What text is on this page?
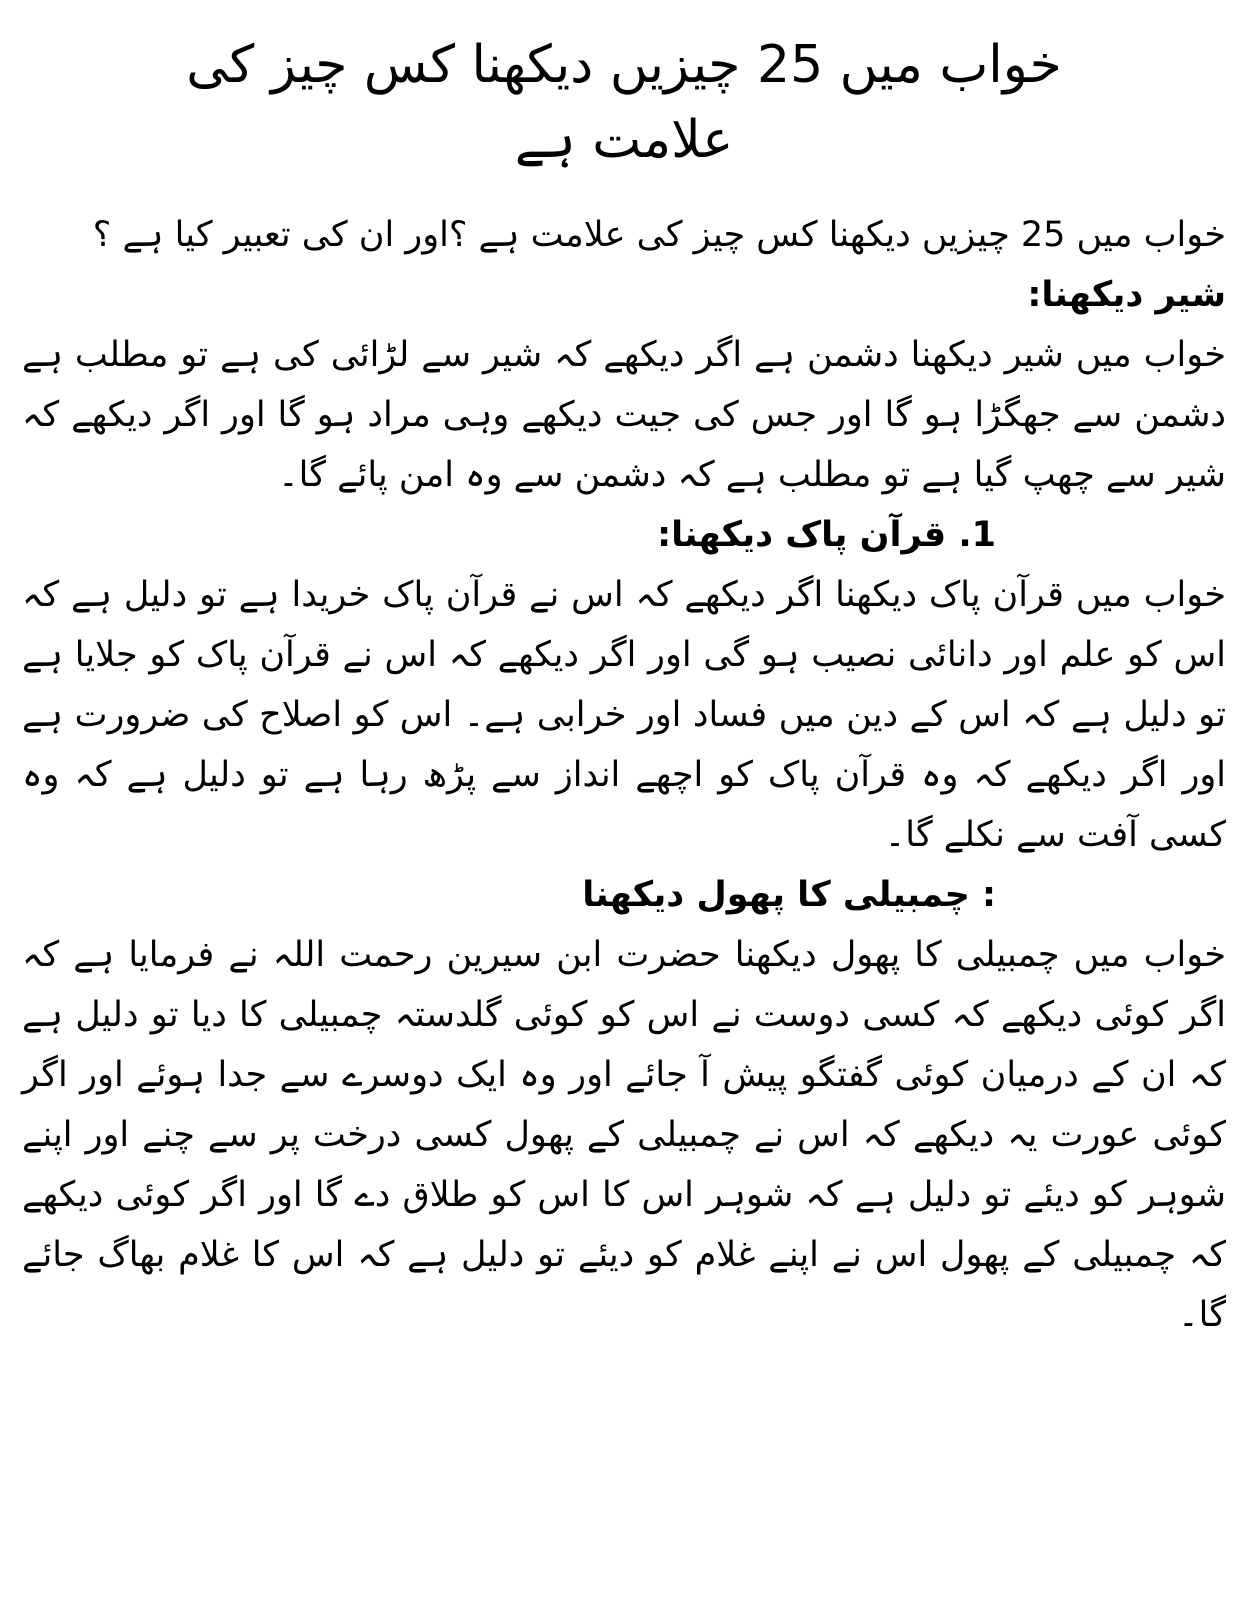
خواب میں 25 چیزیں دیکھنا کس چیز کی علامت ہے

خواب میں 25 چیزیں دیکھنا کس چیز کی علامت ہے ؟اور ان کی تعبیر کیا ہے ؟

شیر دیکھنا:

خواب میں شیر دیکھنا دشمن ہے اگر دیکھے کہ شیر سے لڑائی کی ہے تو مطلب ہے دشمن سے جھگڑا ہو گا اور جس کی جیت دیکھے وہی مراد ہو گا اور اگر دیکھے کہ شیر سے چھپ گیا ہے تو مطلب ہے کہ دشمن سے وہ امن پائے گا۔

1. قرآن پاک دیکھنا:

خواب میں قرآن پاک دیکھنا اگر دیکھے کہ اس نے قرآن پاک خریدا ہے تو دلیل ہے کہ اس کو علم اور دانائی نصیب ہو گی اور اگر دیکھے کہ اس نے قرآن پاک کو جلایا ہے تو دلیل ہے کہ اس کے دین میں فساد اور خرابی ہے۔ اس کو اصلاح کی ضرورت ہے اور اگر دیکھے کہ وہ قرآن پاک کو اچھے انداز سے پڑھ رہا ہے تو دلیل ہے کہ وہ کسی آفت سے نکلے گا۔

: چمبیلی کا پھول دیکھنا

خواب میں چمبیلی کا پھول دیکھنا حضرت ابن سیرین رحمت اللہ نے فرمایا ہے کہ اگر کوئی دیکھے کہ کسی دوست نے اس کو کوئی گلدستہ چمبیلی کا دیا تو دلیل ہے کہ ان کے درمیان کوئی گفتگو پیش آ جائے اور وہ ایک دوسرے سے جدا ہوئے اور اگر کوئی عورت یہ دیکھے کہ اس نے چمبیلی کے پھول کسی درخت پر سے چنے اور اپنے شوہر کو دیئے تو دلیل ہے کہ شوہر اس کا اس کو طلاق دے گا اور اگر کوئی دیکھے کہ چمبیلی کے پھول اس نے اپنے غلام کو دیئے تو دلیل ہے کہ اس کا غلام بھاگ جائے گا۔
